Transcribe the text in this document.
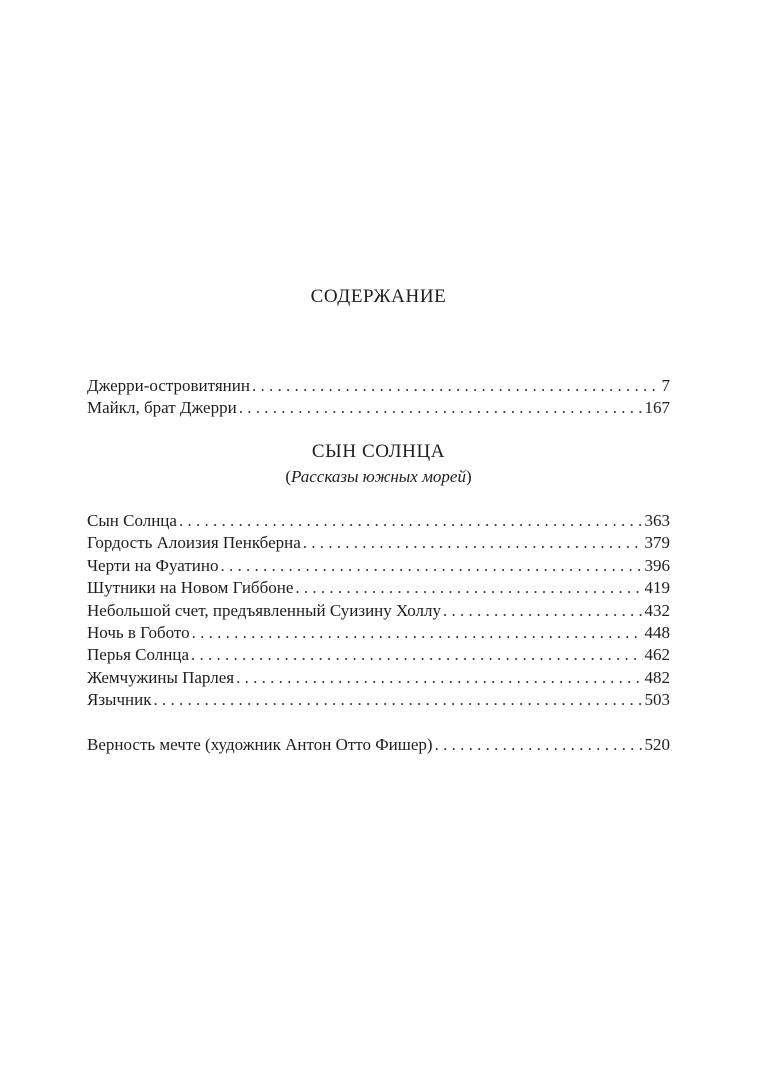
СОДЕРЖАНИЕ
Джерри-островитянин . . .	7
Майкл, брат Джерри . . .	167
СЫН СОЛНЦА
(Рассказы южных морей)
Сын Солнца . . .	363
Гордость Алоизия Пенкберна . . .	379
Черти на Фуатино . . .	396
Шутники на Новом Гиббоне . . .	419
Небольшой счет, предъявленный Суизину Холлу . . .	432
Ночь в Гобото . . .	448
Перья Солнца . . .	462
Жемчужины Парлея . . .	482
Язычник . . .	503
Верность мечте (художник Антон Отто Фишер) . . .	520
